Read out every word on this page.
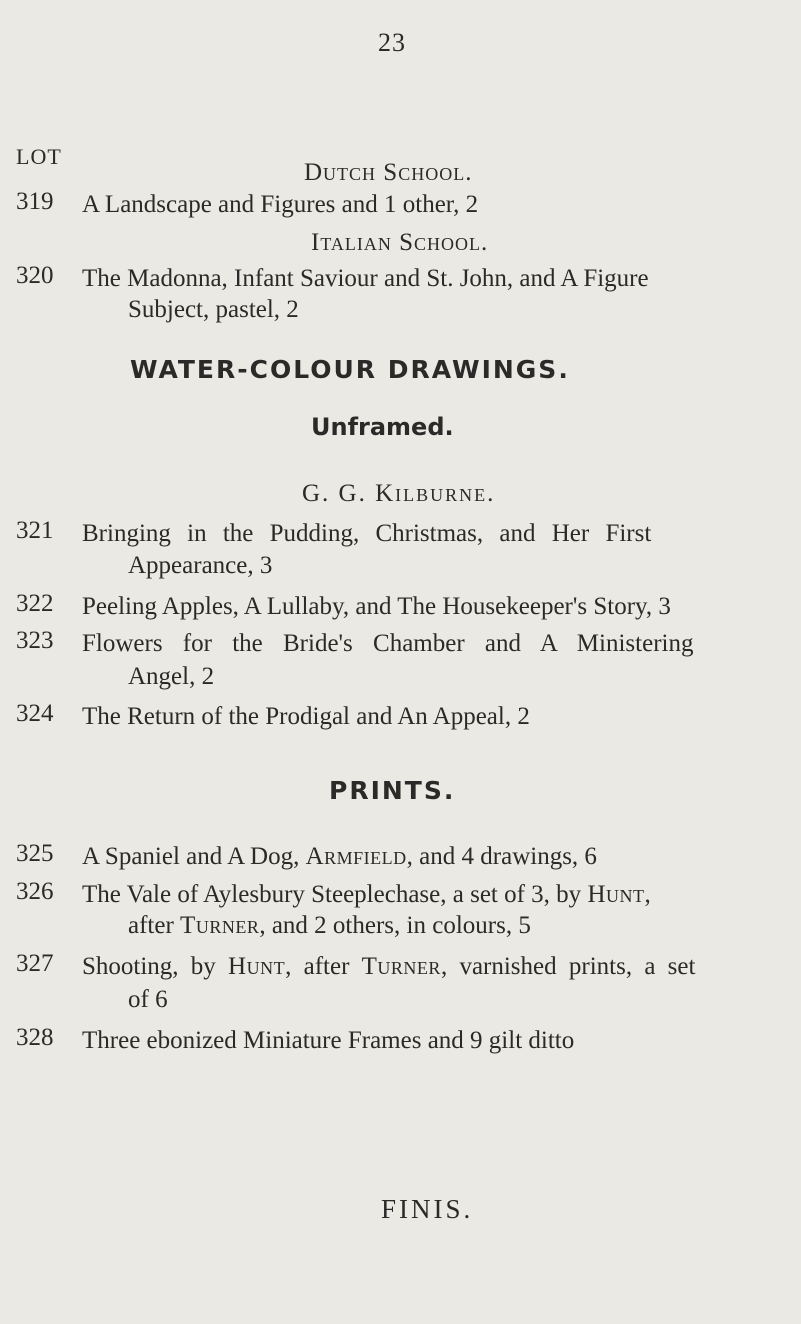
23
LOT
Dutch School.
319 A Landscape and Figures and 1 other, 2
Italian School.
320 The Madonna, Infant Saviour and St. John, and A Figure
Subject, pastel, 2
WATER-COLOUR DRAWINGS.
Unframed.
G. G. Kilburne.
321 Bringing in the Pudding, Christmas, and Her First
Appearance, 3
322 Peeling Apples, A Lullaby, and The Housekeeper's Story, 3
323 Flowers for the Bride's Chamber and A Ministering
Angel, 2
324 The Return of the Prodigal and An Appeal, 2
PRINTS.
325 A Spaniel and A Dog, Armfield, and 4 drawings, 6
326 The Vale of Aylesbury Steeplechase, a set of 3, by Hunt,
after Turner, and 2 others, in colours, 5
327 Shooting, by Hunt, after Turner, varnished prints, a set
of 6
328 Three ebonized Miniature Frames and 9 gilt ditto
FINIS.
